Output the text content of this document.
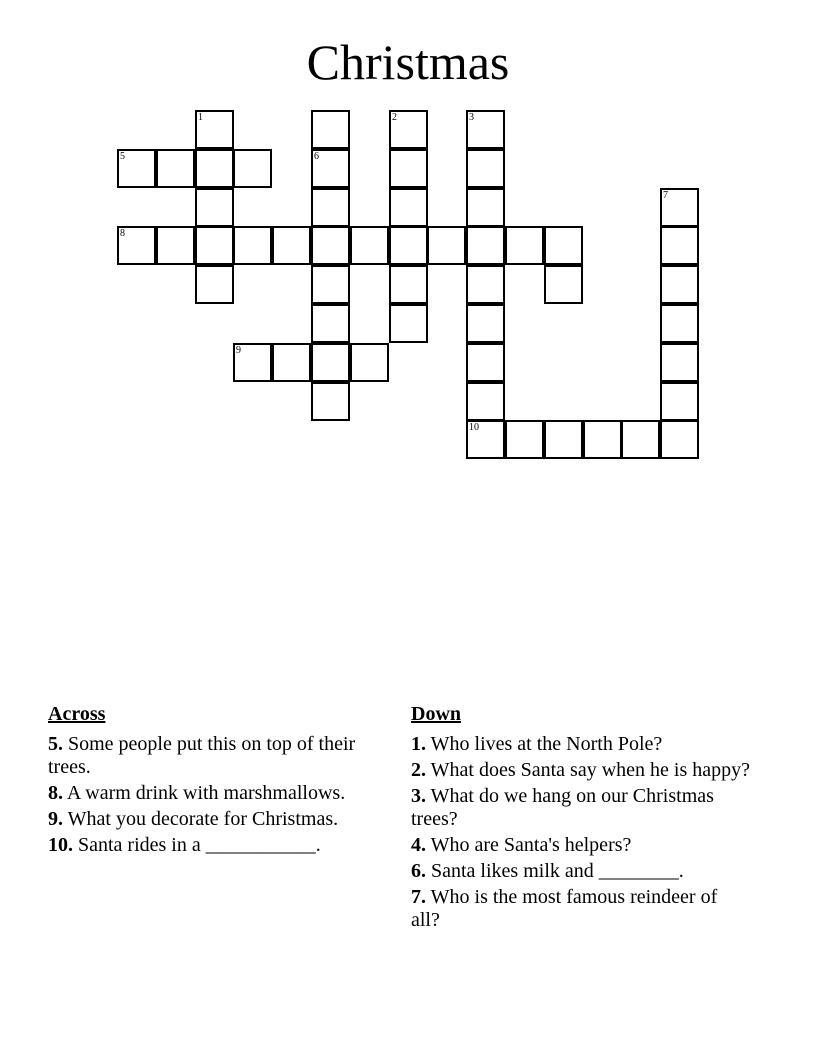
Christmas
1	2	3
5	6
7
8
9
10
Across
5. Some people put this on top of their trees.
8. A warm drink with marshmallows.
9. What you decorate for Christmas.
10. Santa rides in a ___________.
Down
1. Who lives at the North Pole?
2. What does Santa say when he is happy?
3. What do we hang on our Christmas trees?
4. Who are Santa's helpers?
6. Santa likes milk and ________.
7. Who is the most famous reindeer of all?
